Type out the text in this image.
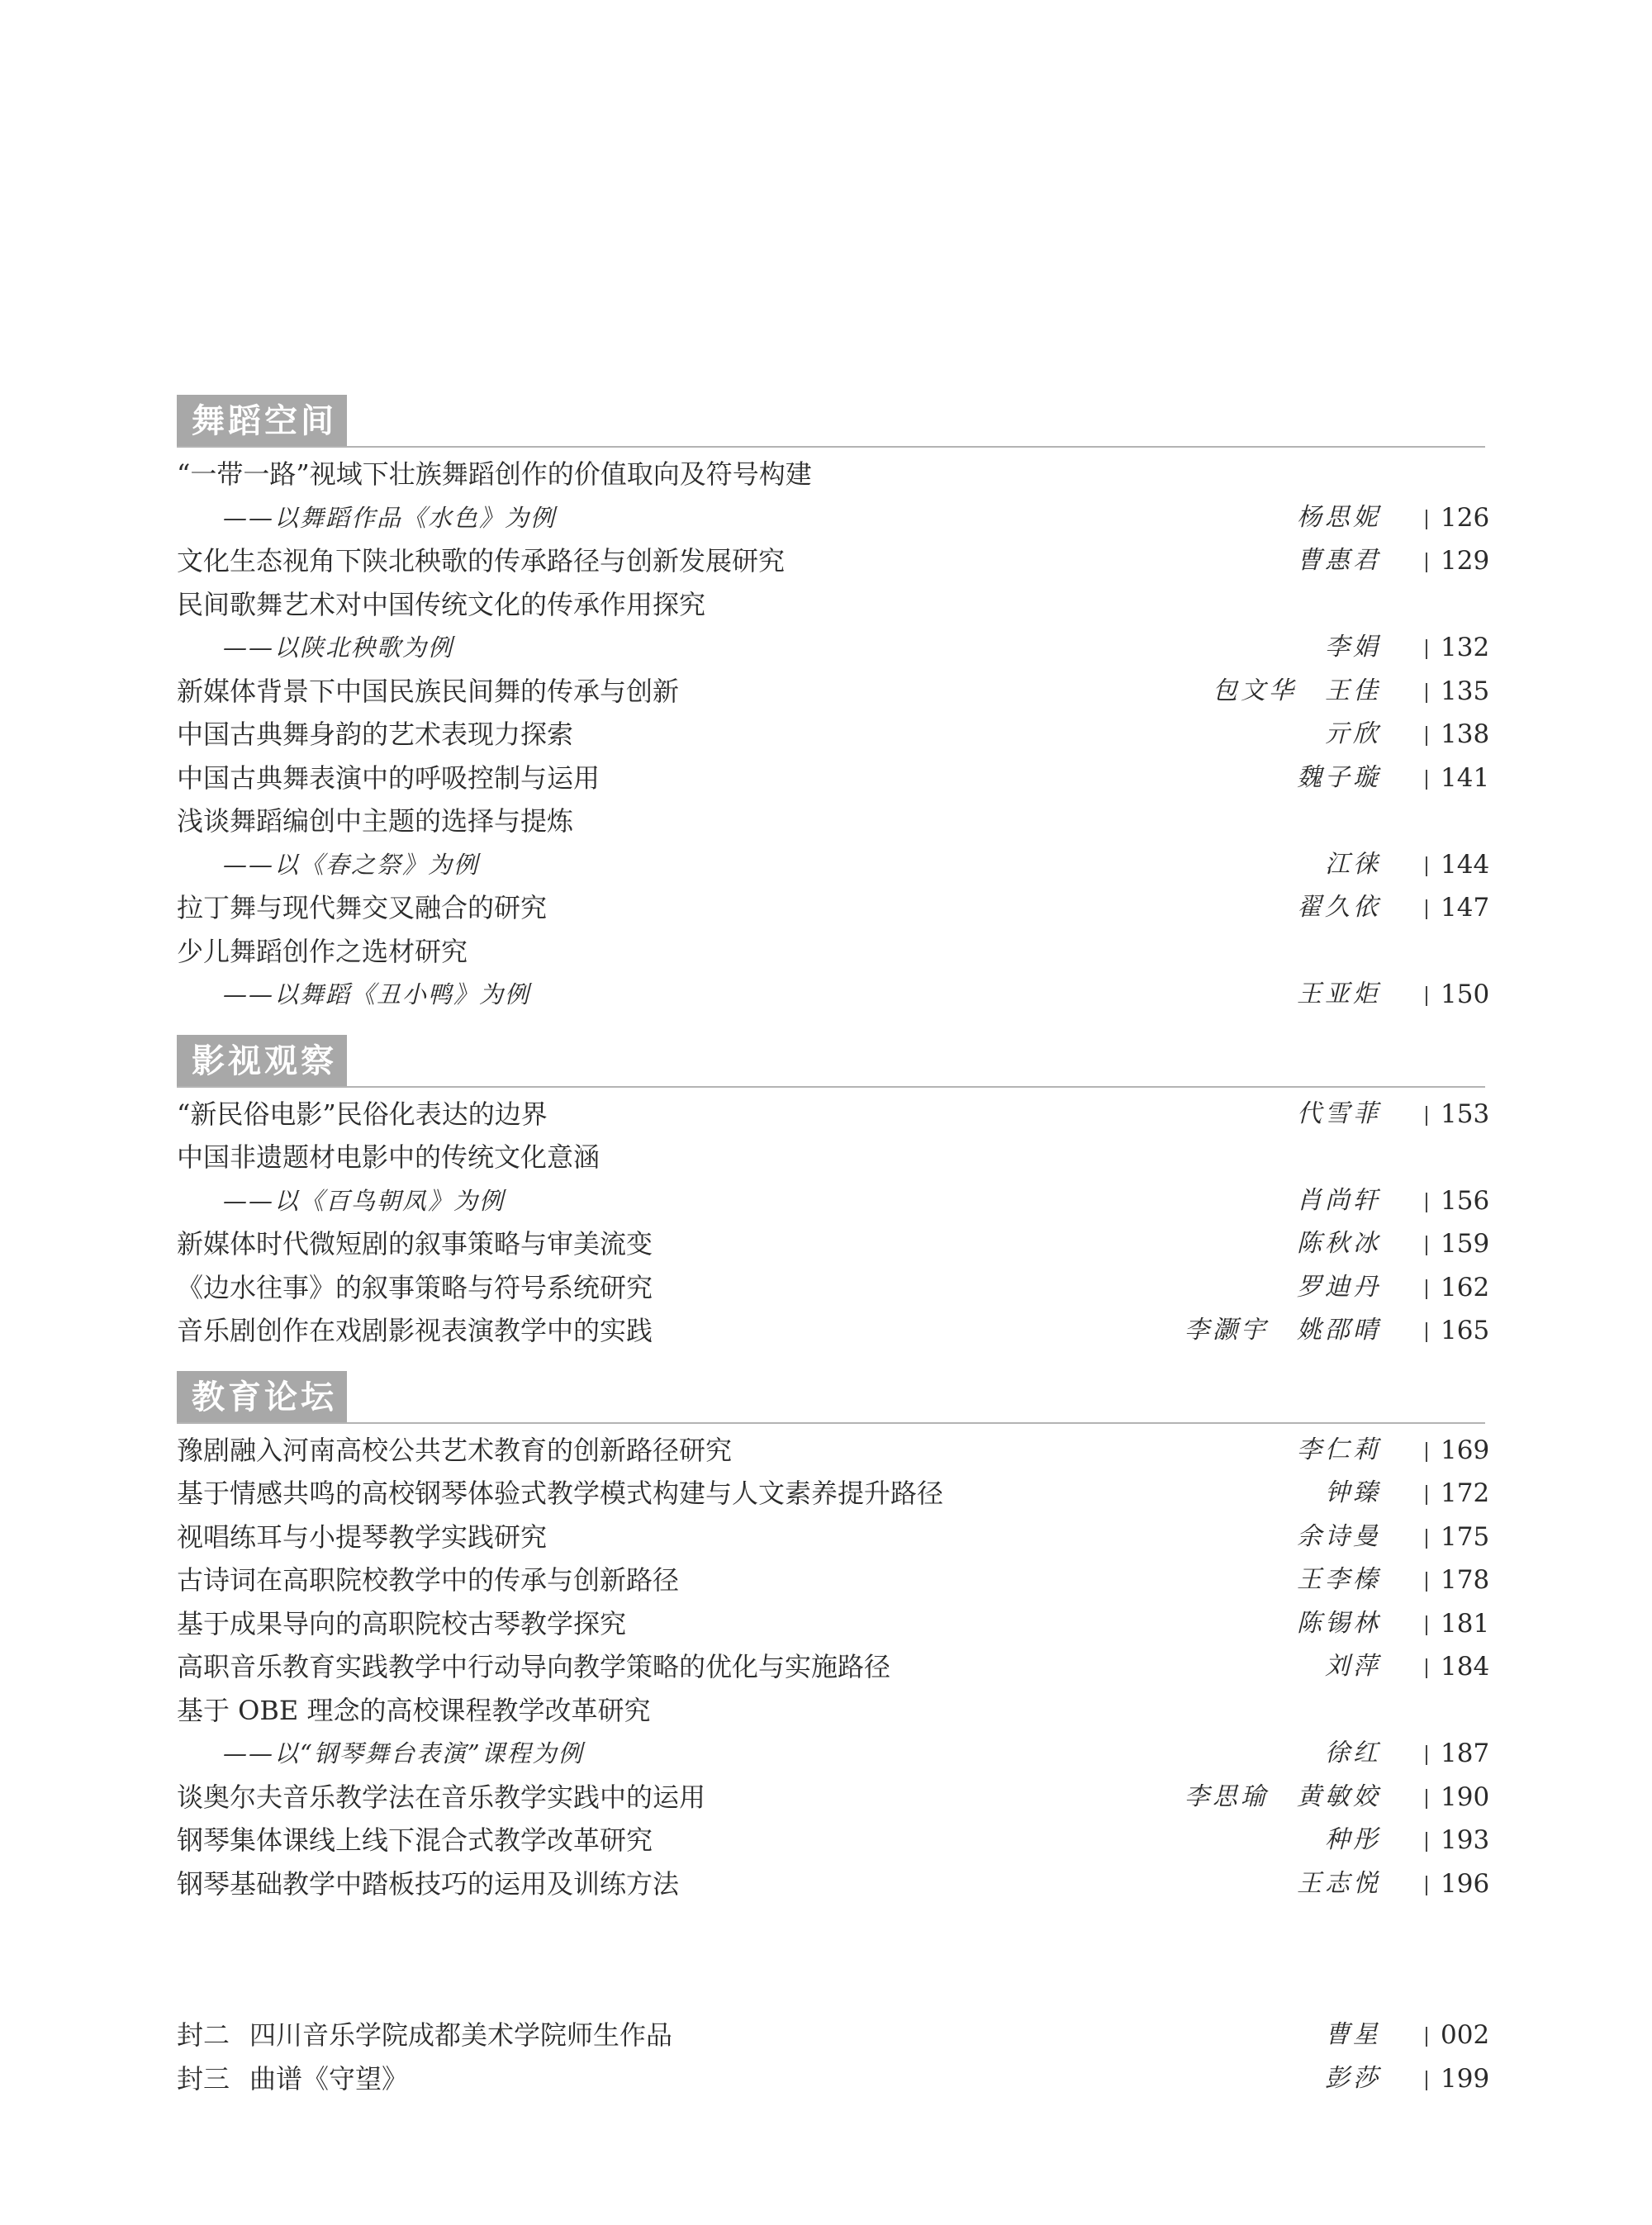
舞蹈空间
“一带一路”视域下壮族舞蹈创作的价值取向及符号构建
——以舞蹈作品《水色》为例	杨思妮 126
文化生态视角下陕北秧歌的传承路径与创新发展研究	曹惠君 129
民间歌舞艺术对中国传统文化的传承作用探究
——以陕北秧歌为例	李娟 132
新媒体背景下中国民族民间舞的传承与创新	包文华　王佳 135
中国古典舞身韵的艺术表现力探索	亓欣 138
中国古典舞表演中的呼吸控制与运用	魏子璇 141
浅谈舞蹈编创中主题的选择与提炼
——以《春之祭》为例	江徕 144
拉丁舞与现代舞交叉融合的研究	翟久依 147
少儿舞蹈创作之选材研究
——以舞蹈《丑小鸭》为例	王亚炬 150
影视观察
“新民俗电影”民俗化表达的边界	代雪菲 153
中国非遗题材电影中的传统文化意涵
——以《百鸟朝凤》为例	肖尚轩 156
新媒体时代微短剧的叙事策略与审美流变	陈秋冰 159
《边水往事》的叙事策略与符号系统研究	罗迪丹 162
音乐剧创作在戏剧影视表演教学中的实践	李灏宇　姚邵晴 165
教育论坛
豫剧融入河南高校公共艺术教育的创新路径研究	李仁莉 169
基于情感共鸣的高校钢琴体验式教学模式构建与人文素养提升路径	钟臻 172
视唱练耳与小提琴教学实践研究	余诗曼 175
古诗词在高职院校教学中的传承与创新路径	王李榛 178
基于成果导向的高职院校古琴教学探究	陈锡林 181
高职音乐教育实践教学中行动导向教学策略的优化与实施路径	刘萍 184
基于 OBE 理念的高校课程教学改革研究
——以“钢琴舞台表演”课程为例	徐红 187
谈奥尔夫音乐教学法在音乐教学实践中的运用	李思瑜　黄敏姣 190
钢琴集体课线上线下混合式教学改革研究	种彤 193
钢琴基础教学中踏板技巧的运用及训练方法	王志悦 196
封二 四川音乐学院成都美术学院师生作品	曹星 002
封三 曲谱《守望》	彭莎 199
